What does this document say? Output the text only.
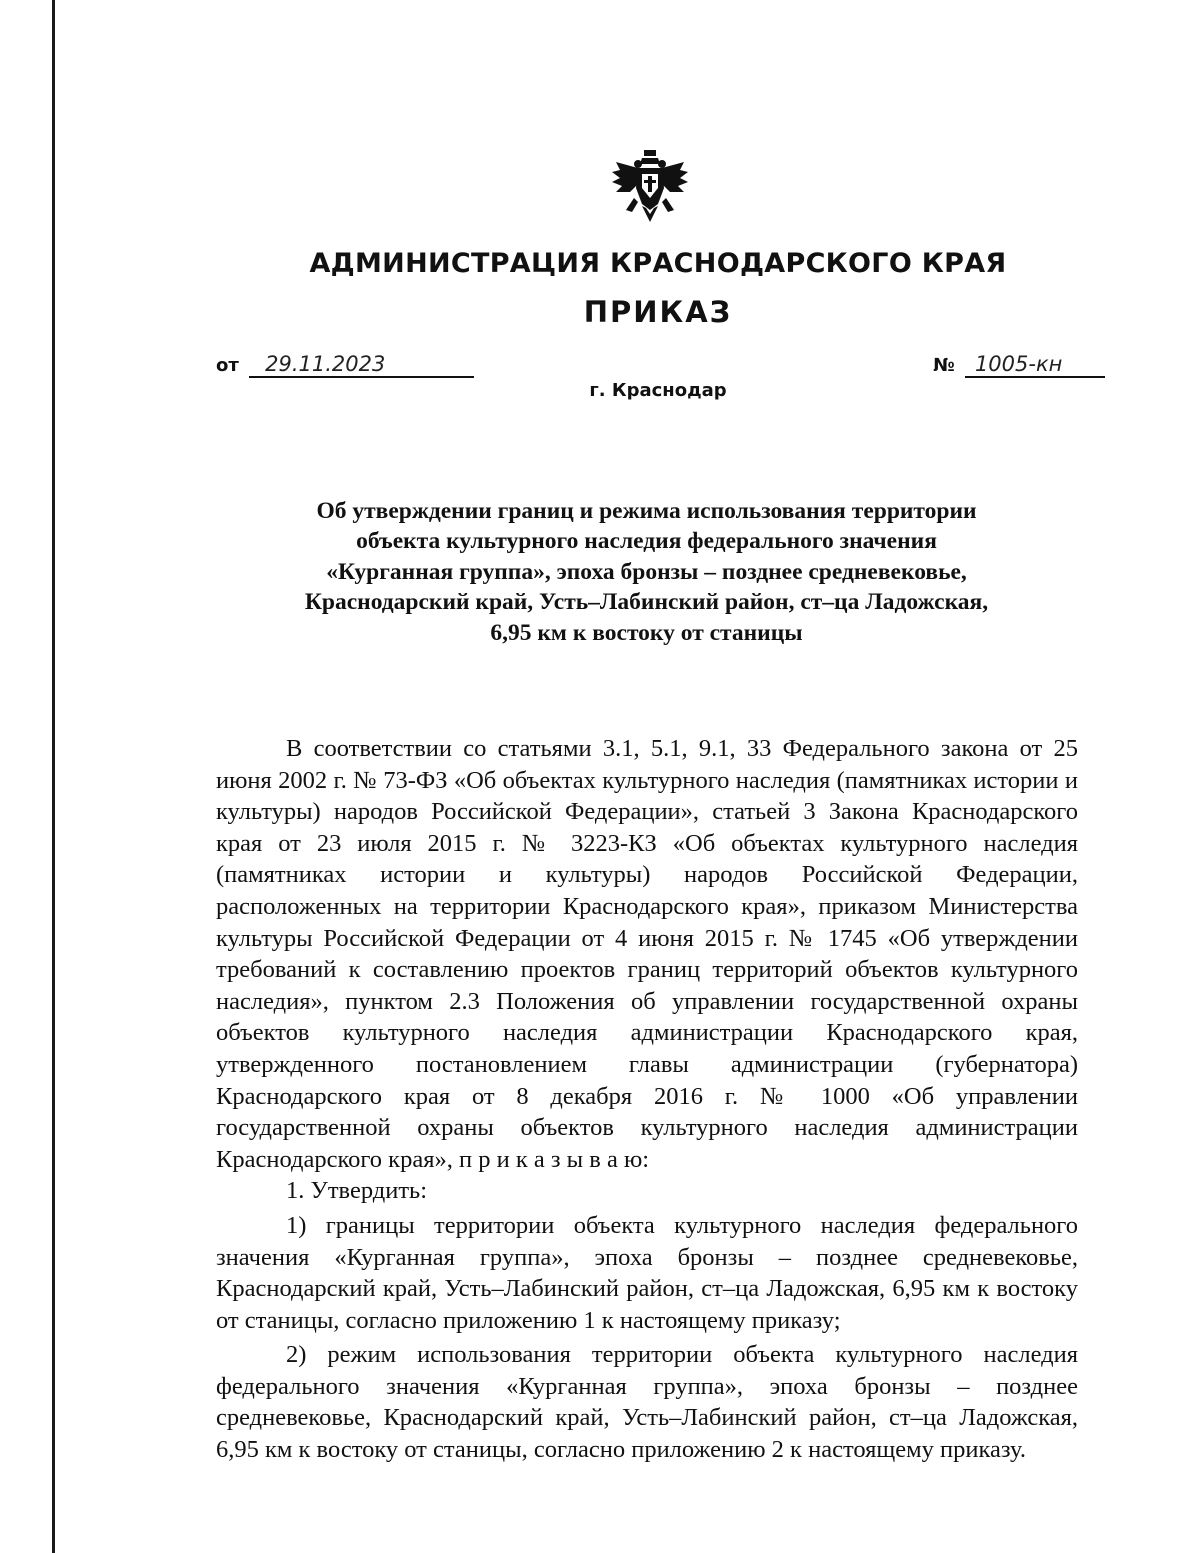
АДМИНИСТРАЦИЯ КРАСНОДАРСКОГО КРАЯ
ПРИКАЗ
от 29.11.2023	№ 1005-кн
г. Краснодар
Об утверждении границ и режима использования территории
объекта культурного наследия федерального значения
«Курганная группа», эпоха бронзы – позднее средневековье,
Краснодарский край, Усть–Лабинский район, ст–ца Ладожская,
6,95 км к востоку от станицы

В соответствии со статьями 3.1, 5.1, 9.1, 33 Федерального закона от 25 июня 2002 г. № 73-ФЗ «Об объектах культурного наследия (памятниках истории и культуры) народов Российской Федерации», статьей 3 Закона Краснодарского края от 23 июля 2015 г. № 3223-КЗ «Об объектах культурного наследия (памятниках истории и культуры) народов Российской Федерации, расположенных на территории Краснодарского края», приказом Министерства культуры Российской Федерации от 4 июня 2015 г. № 1745 «Об утверждении требований к составлению проектов границ территорий объектов культурного наследия», пунктом 2.3 Положения об управлении государственной охраны объектов культурного наследия администрации Краснодарского края, утвержденного постановлением главы администрации (губернатора) Краснодарского края от 8 декабря 2016 г. № 1000 «Об управлении государственной охраны объектов культурного наследия администрации Краснодарского края», п р и к а з ы в а ю:

1. Утвердить:

1) границы территории объекта культурного наследия федерального значения «Курганная группа», эпоха бронзы – позднее средневековье, Краснодарский край, Усть–Лабинский район, ст–ца Ладожская, 6,95 км к востоку от станицы, согласно приложению 1 к настоящему приказу;

2) режим использования территории объекта культурного наследия федерального значения «Курганная группа», эпоха бронзы – позднее средневековье, Краснодарский край, Усть–Лабинский район, ст–ца Ладожская, 6,95 км к востоку от станицы, согласно приложению 2 к настоящему приказу.
